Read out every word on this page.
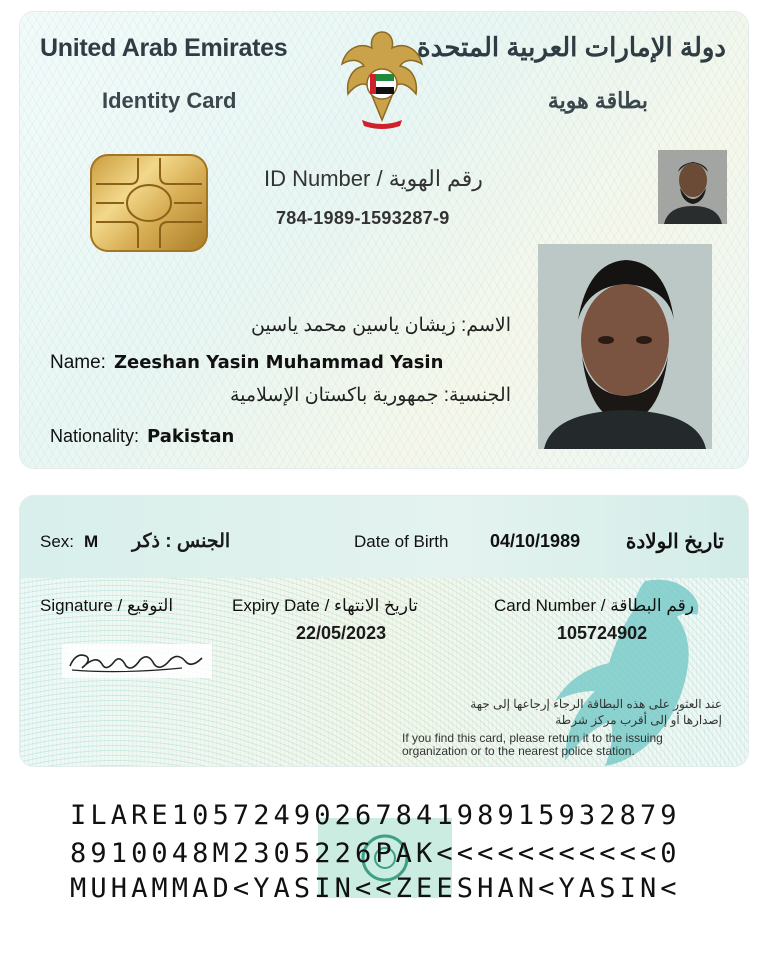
United Arab Emirates
Identity Card
دولة الإمارات العربية المتحدة
بطاقة هوية
ID Number / رقم الهوية
784-1989-1593287-9
الاسم: زيشان ياسين محمد ياسين
Name: Zeeshan Yasin Muhammad Yasin
الجنسية: جمهورية باكستان الإسلامية
Nationality: Pakistan
Sex: M الجنس : ذكر	Date of Birth 04/10/1989 تاريخ الولادة
Signature / التوقيع	Expiry Date / تاريخ الانتهاء
22/05/2023
Card Number / رقم البطاقة
105724902
عند العثور على هذه البطاقة الرجاء إرجاعها إلى جهة
إصدارها أو إلى أقرب مركز شرطة
If you find this card, please return it to the issuing
organization or to the nearest police station.
ILARE1057249026784198915932879
8910048M2305226PAK<<<<<<<<<<<0
MUHAMMAD<YASIN<<ZEESHAN<YASIN<
